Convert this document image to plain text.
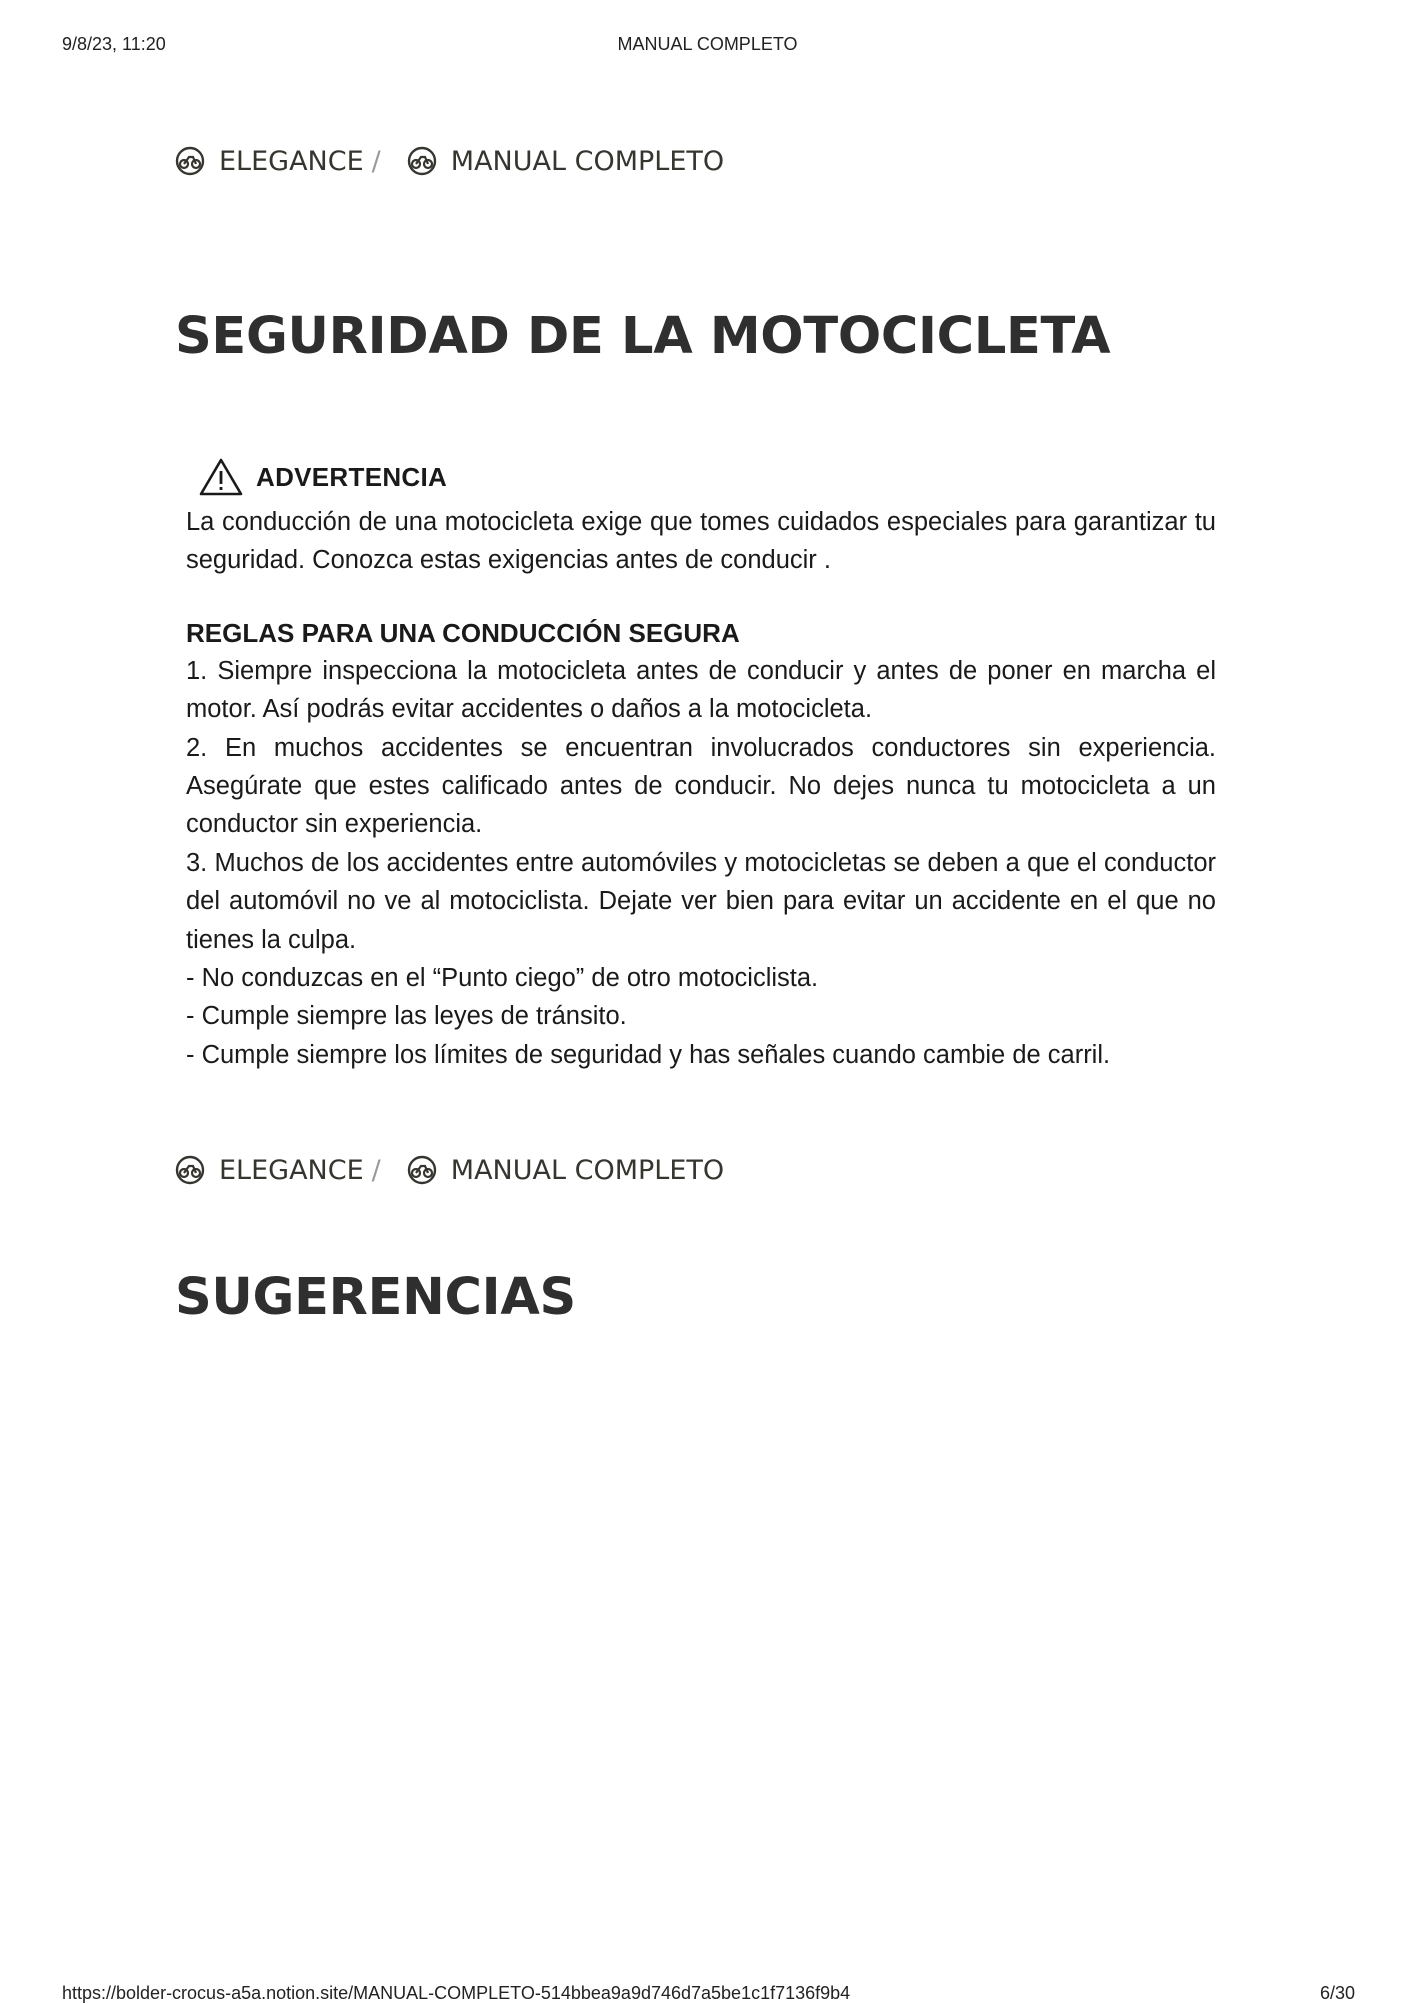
9/8/23, 11:20	MANUAL COMPLETO
ELEGANCE /	MANUAL COMPLETO
SEGURIDAD DE LA MOTOCICLETA
ADVERTENCIA

La conducción de una motocicleta exige que tomes cuidados especiales para garantizar tu seguridad. Conozca estas exigencias antes de conducir .

REGLAS PARA UNA CONDUCCIÓN SEGURA

1. Siempre inspecciona la motocicleta antes de conducir y antes de poner en marcha el motor. Así podrás evitar accidentes o daños a la motocicleta.

2. En muchos accidentes se encuentran involucrados conductores sin experiencia. Asegúrate que estes calificado antes de conducir. No dejes nunca tu motocicleta a un conductor sin experiencia.

3. Muchos de los accidentes entre automóviles y motocicletas se deben a que el conductor del automóvil no ve al motociclista. Dejate ver bien para evitar un accidente en el que no tienes la culpa.

- No conduzcas en el “Punto ciego” de otro motociclista.

- Cumple siempre las leyes de tránsito.

- Cumple siempre los límites de seguridad y has señales cuando cambie de carril.

ELEGANCE /	MANUAL COMPLETO
SUGERENCIAS
https://bolder-crocus-a5a.notion.site/MANUAL-COMPLETO-514bbea9a9d746d7a5be1c1f7136f9b4	6/30
